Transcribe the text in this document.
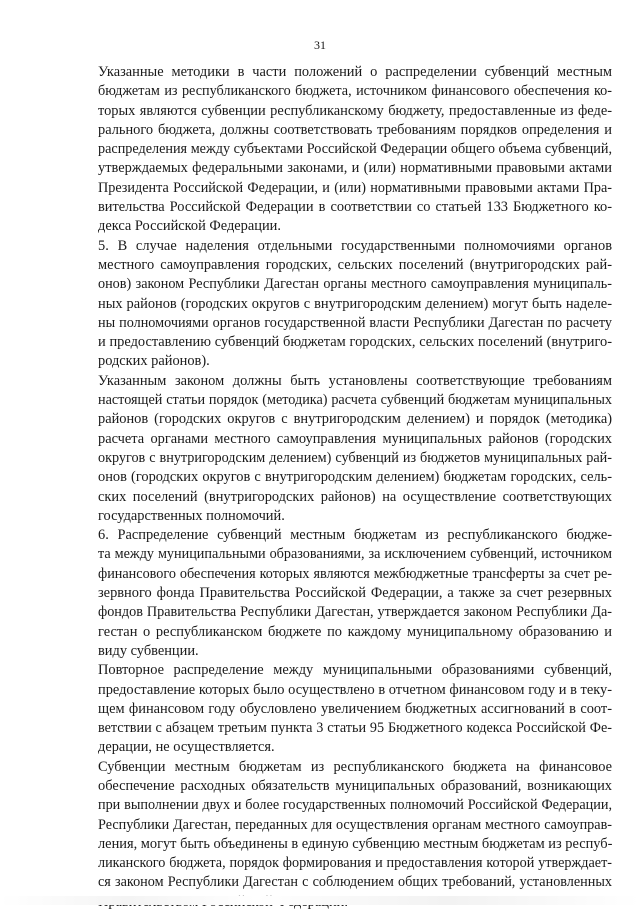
31

Указанные методики в части положений о распределении субвенций местным
бюджетам из республиканского бюджета, источником финансового обеспечения ко-
торых являются субвенции республиканскому бюджету, предоставленные из феде-
рального бюджета, должны соответствовать требованиям порядков определения и
распределения между субъектами Российской Федерации общего объема субвенций,
утверждаемых федеральными законами, и (или) нормативными правовыми актами
Президента Российской Федерации, и (или) нормативными правовыми актами Пра-
вительства Российской Федерации в соответствии со статьей 133 Бюджетного ко-
декса Российской Федерации.

5. В случае наделения отдельными государственными полномочиями органов
местного самоуправления городских, сельских поселений (внутригородских рай-
онов) законом Республики Дагестан органы местного самоуправления муниципаль-
ных районов (городских округов с внутригородским делением) могут быть наделе-
ны полномочиями органов государственной власти Республики Дагестан по расчету
и предоставлению субвенций бюджетам городских, сельских поселений (внутриго-
родских районов).

Указанным законом должны быть установлены соответствующие требованиям
настоящей статьи порядок (методика) расчета субвенций бюджетам муниципальных
районов (городских округов с внутригородским делением) и порядок (методика)
расчета органами местного самоуправления муниципальных районов (городских
округов с внутригородским делением) субвенций из бюджетов муниципальных рай-
онов (городских округов с внутригородским делением) бюджетам городских, сель-
ских поселений (внутригородских районов) на осуществление соответствующих
государственных полномочий.

6. Распределение субвенций местным бюджетам из республиканского бюдже-
та между муниципальными образованиями, за исключением субвенций, источником
финансового обеспечения которых являются межбюджетные трансферты за счет ре-
зервного фонда Правительства Российской Федерации, а также за счет резервных
фондов Правительства Республики Дагестан, утверждается законом Республики Да-
гестан о республиканском бюджете по каждому муниципальному образованию и
виду субвенции.

Повторное распределение между муниципальными образованиями субвенций,
предоставление которых было осуществлено в отчетном финансовом году и в теку-
щем финансовом году обусловлено увеличением бюджетных ассигнований в соот-
ветствии с абзацем третьим пункта 3 статьи 95 Бюджетного кодекса Российской Фе-
дерации, не осуществляется.

Субвенции местным бюджетам из республиканского бюджета на финансовое
обеспечение расходных обязательств муниципальных образований, возникающих
при выполнении двух и более государственных полномочий Российской Федерации,
Республики Дагестан, переданных для осуществления органам местного самоуправ-
ления, могут быть объединены в единую субвенцию местным бюджетам из респуб-
ликанского бюджета, порядок формирования и предоставления которой утверждает-
ся законом Республики Дагестан с соблюдением общих требований, установленных
